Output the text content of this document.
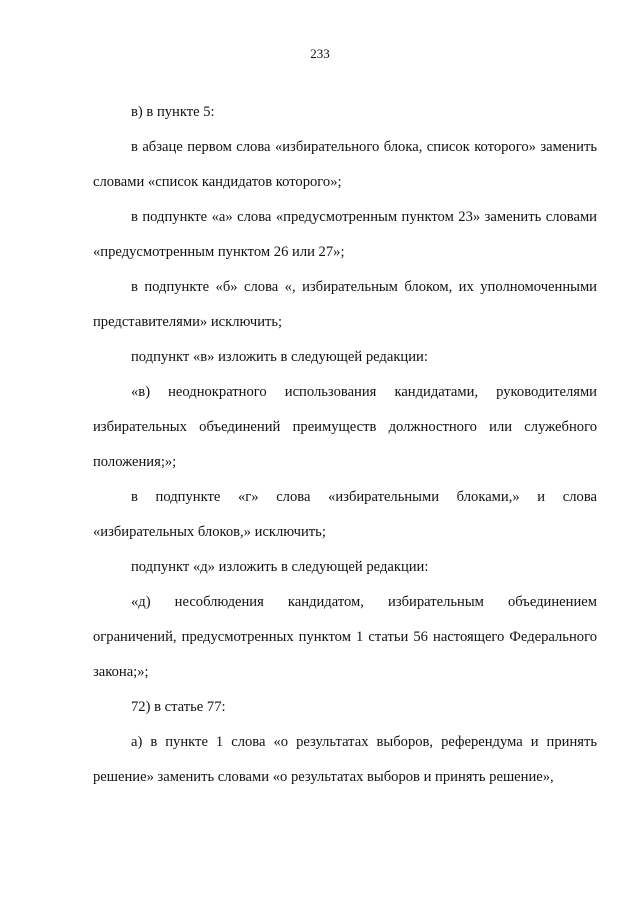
233

в) в пункте 5:

в абзаце первом слова «избирательного блока, список которого» заменить словами «список кандидатов которого»;

в подпункте «а» слова «предусмотренным пунктом 23» заменить словами «предусмотренным пунктом 26 или 27»;

в подпункте «б» слова «, избирательным блоком, их уполномоченными представителями» исключить;

подпункт «в» изложить в следующей редакции:

«в) неоднократного использования кандидатами, руководителями избирательных объединений преимуществ должностного или служебного положения;»;

в подпункте «г» слова «избирательными блоками,» и слова «избирательных блоков,» исключить;

подпункт «д» изложить в следующей редакции:

«д) несоблюдения кандидатом, избирательным объединением ограничений, предусмотренных пунктом 1 статьи 56 настоящего Федерального закона;»;

72) в статье 77:

а) в пункте 1 слова «о результатах выборов, референдума и принять решение» заменить словами «о результатах выборов и принять решение»,
